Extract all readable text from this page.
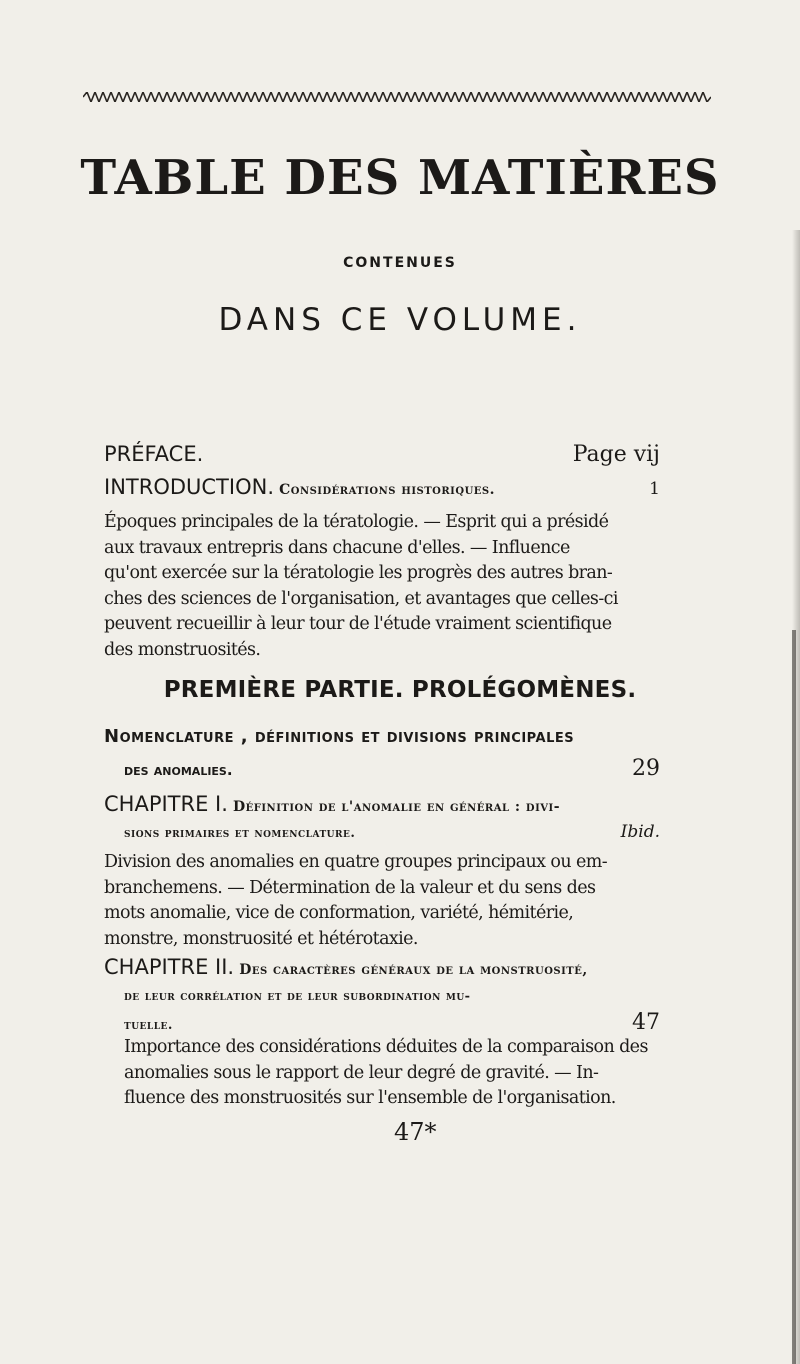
TABLE DES MATIÈRES
CONTENUES
DANS CE VOLUME.
PRÉFACE.	Page vij
INTRODUCTION. Considérations historiques.	1
Époques principales de la tératologie. — Esprit qui a présidé
aux travaux entrepris dans chacune d'elles. — Influence
qu'ont exercée sur la tératologie les progrès des autres bran-
ches des sciences de l'organisation, et avantages que celles-ci
peuvent recueillir à leur tour de l'étude vraiment scientifique
des monstruosités.
PREMIÈRE PARTIE. PROLÉGOMÈNES.
Nomenclature , définitions et divisions principales
des anomalies.	29
CHAPITRE I. Définition de l'anomalie en général : divi-
sions primaires et nomenclature.	Ibid.
Division des anomalies en quatre groupes principaux ou em-
branchemens. — Détermination de la valeur et du sens des
mots anomalie, vice de conformation, variété, hémitérie,
monstre, monstruosité et hétérotaxie.
CHAPITRE II. Des caractères généraux de la monstruosité,
de leur corrélation et de leur subordination mu-
tuelle.	47
Importance des considérations déduites de la comparaison des
anomalies sous le rapport de leur degré de gravité. — In-
fluence des monstruosités sur l'ensemble de l'organisation.
47*
